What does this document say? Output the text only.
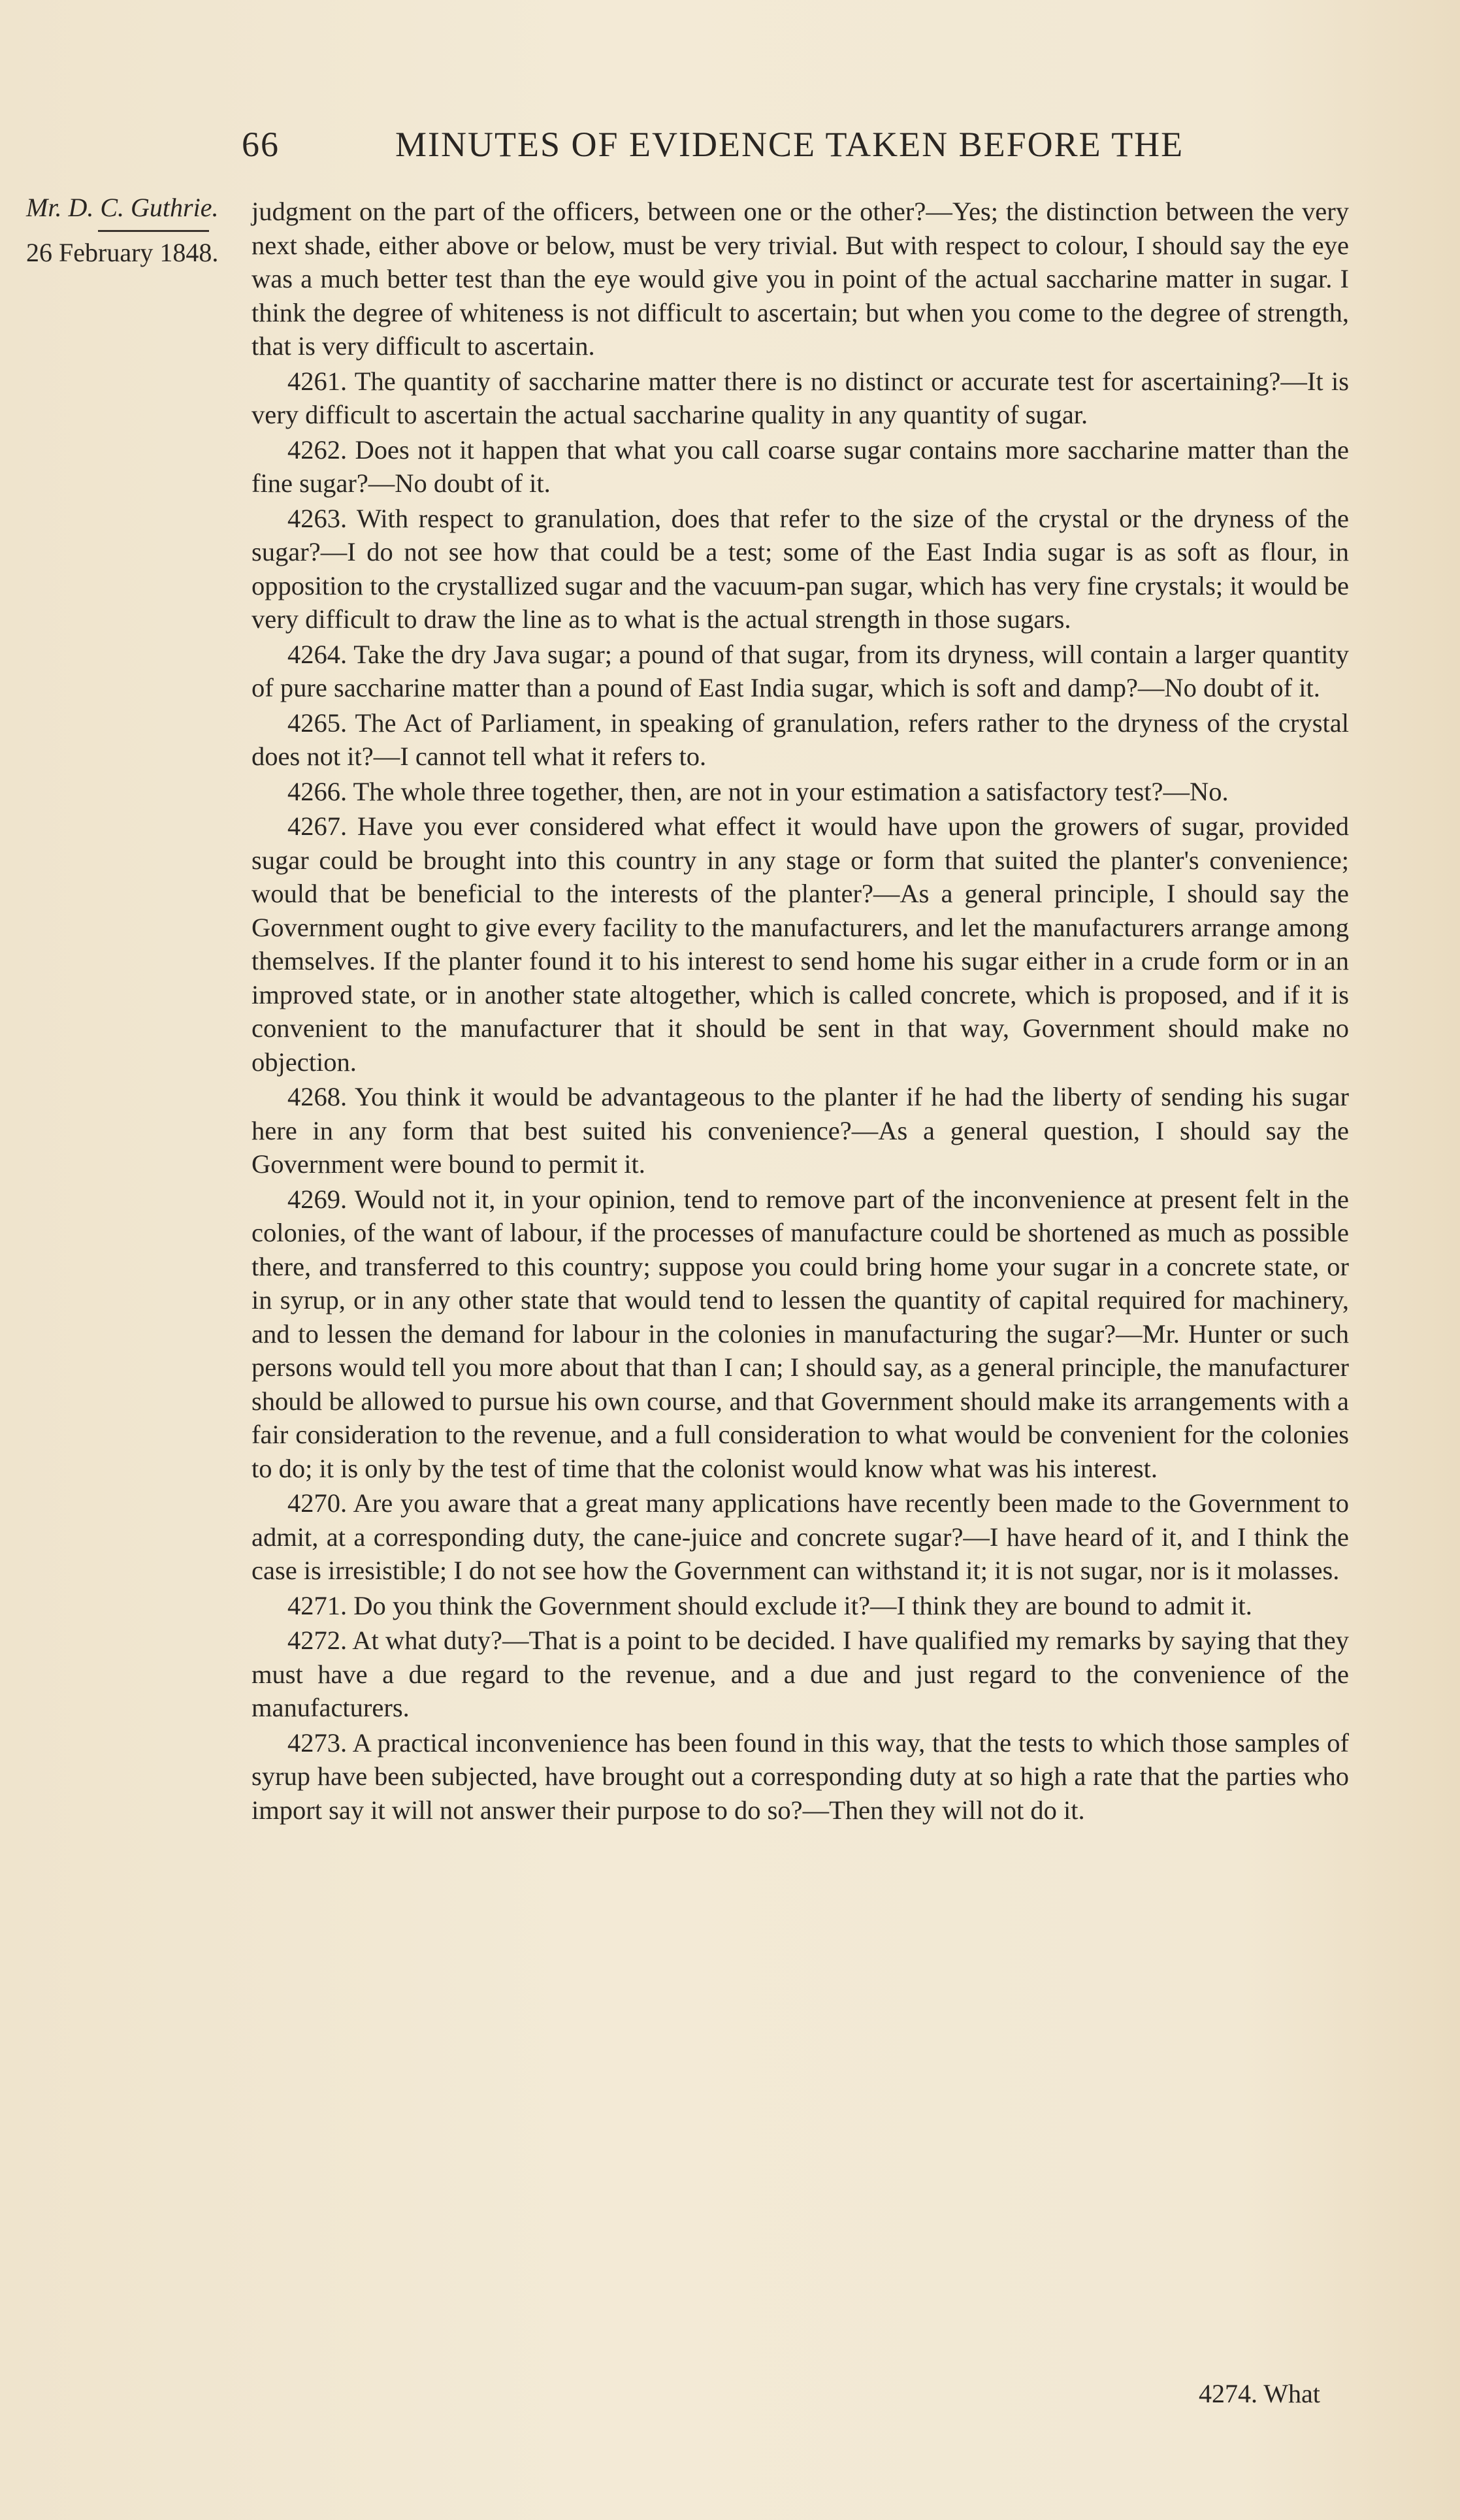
66	MINUTES OF EVIDENCE TAKEN BEFORE THE
Mr. D. C. Guthrie.
26 February 1848.

judgment on the part of the officers, between one or the other?—Yes; the distinction between the very next shade, either above or below, must be very trivial. But with respect to colour, I should say the eye was a much better test than the eye would give you in point of the actual saccharine matter in sugar. I think the degree of whiteness is not difficult to ascertain; but when you come to the degree of strength, that is very difficult to ascertain.

4261. The quantity of saccharine matter there is no distinct or accurate test for ascertaining?—It is very difficult to ascertain the actual saccharine quality in any quantity of sugar.

4262. Does not it happen that what you call coarse sugar contains more saccharine matter than the fine sugar?—No doubt of it.

4263. With respect to granulation, does that refer to the size of the crystal or the dryness of the sugar?—I do not see how that could be a test; some of the East India sugar is as soft as flour, in opposition to the crystallized sugar and the vacuum-pan sugar, which has very fine crystals; it would be very difficult to draw the line as to what is the actual strength in those sugars.

4264. Take the dry Java sugar; a pound of that sugar, from its dryness, will contain a larger quantity of pure saccharine matter than a pound of East India sugar, which is soft and damp?—No doubt of it.

4265. The Act of Parliament, in speaking of granulation, refers rather to the dryness of the crystal does not it?—I cannot tell what it refers to.

4266. The whole three together, then, are not in your estimation a satisfactory test?—No.

4267. Have you ever considered what effect it would have upon the growers of sugar, provided sugar could be brought into this country in any stage or form that suited the planter's convenience; would that be beneficial to the interests of the planter?—As a general principle, I should say the Government ought to give every facility to the manufacturers, and let the manufacturers arrange among themselves. If the planter found it to his interest to send home his sugar either in a crude form or in an improved state, or in another state altogether, which is called concrete, which is proposed, and if it is convenient to the manufacturer that it should be sent in that way, Government should make no objection.

4268. You think it would be advantageous to the planter if he had the liberty of sending his sugar here in any form that best suited his convenience?—As a general question, I should say the Government were bound to permit it.

4269. Would not it, in your opinion, tend to remove part of the inconvenience at present felt in the colonies, of the want of labour, if the processes of manufacture could be shortened as much as possible there, and transferred to this country; suppose you could bring home your sugar in a concrete state, or in syrup, or in any other state that would tend to lessen the quantity of capital required for machinery, and to lessen the demand for labour in the colonies in manufacturing the sugar?—Mr. Hunter or such persons would tell you more about that than I can; I should say, as a general principle, the manufacturer should be allowed to pursue his own course, and that Government should make its arrangements with a fair consideration to the revenue, and a full consideration to what would be convenient for the colonies to do; it is only by the test of time that the colonist would know what was his interest.

4270. Are you aware that a great many applications have recently been made to the Government to admit, at a corresponding duty, the cane-juice and concrete sugar?—I have heard of it, and I think the case is irresistible; I do not see how the Government can withstand it; it is not sugar, nor is it molasses.

4271. Do you think the Government should exclude it?—I think they are bound to admit it.

4272. At what duty?—That is a point to be decided. I have qualified my remarks by saying that they must have a due regard to the revenue, and a due and just regard to the convenience of the manufacturers.

4273. A practical inconvenience has been found in this way, that the tests to which those samples of syrup have been subjected, have brought out a corresponding duty at so high a rate that the parties who import say it will not answer their purpose to do so?—Then they will not do it.

4274. What
